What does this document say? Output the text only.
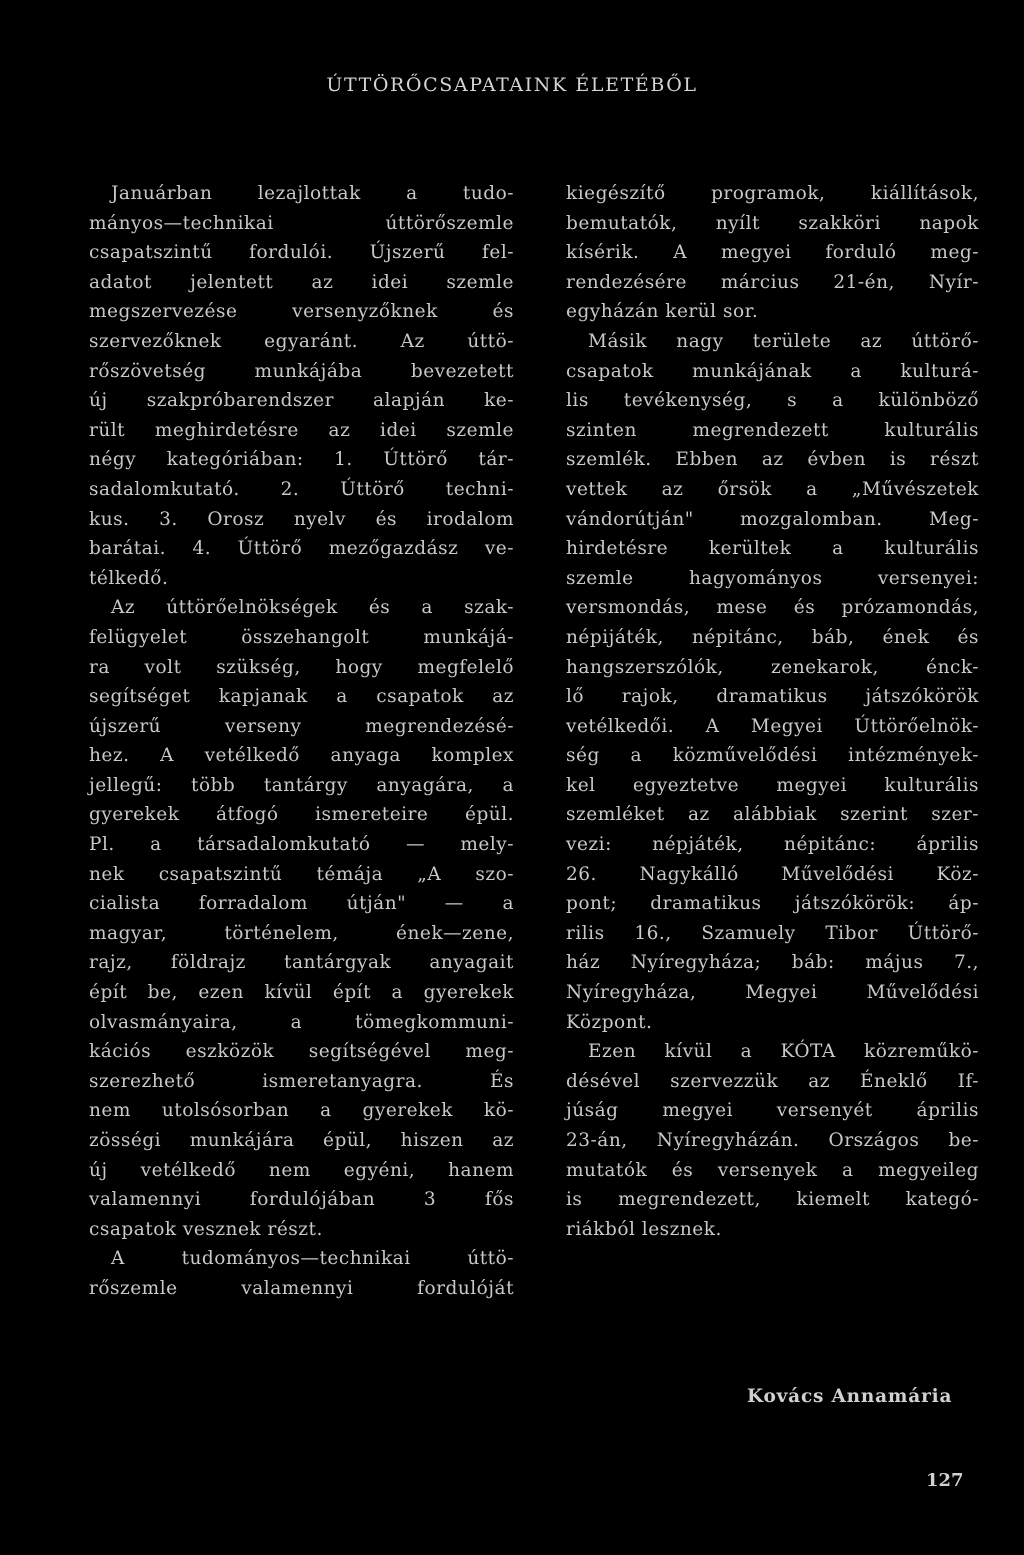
ÚTTÖRŐCSAPATAINK ÉLETÉBŐL
Januárban lezajlottak a tudo-
mányos—technikai úttörőszemle
csapatszintű fordulói. Újszerű fel-
adatot jelentett az idei szemle
megszervezése versenyzőknek és
szervezőknek egyaránt. Az úttö-
rőszövetség munkájába bevezetett
új szakpróbarendszer alapján ke-
rült meghirdetésre az idei szemle
négy kategóriában: 1. Úttörő tár-
sadalomkutató. 2. Úttörő techni-
kus. 3. Orosz nyelv és irodalom
barátai. 4. Úttörő mezőgazdász ve-
télkedő.
Az úttörőelnökségek és a szak-
felügyelet összehangolt munkájá-
ra volt szükség, hogy megfelelő
segítséget kapjanak a csapatok az
újszerű verseny megrendezésé-
hez. A vetélkedő anyaga komplex
jellegű: több tantárgy anyagára, a
gyerekek átfogó ismereteire épül.
Pl. a társadalomkutató — mely-
nek csapatszintű témája „A szo-
cialista forradalom útján" — a
magyar, történelem, ének—zene,
rajz, földrajz tantárgyak anyagait
épít be, ezen kívül épít a gyerekek
olvasmányaira, a tömegkommuni-
kációs eszközök segítségével meg-
szerezhető ismeretanyagra. És
nem utolsósorban a gyerekek kö-
zösségi munkájára épül, hiszen az
új vetélkedő nem egyéni, hanem
valamennyi fordulójában 3 fős
csapatok vesznek részt.
A tudományos—technikai úttö-
rőszemle valamennyi fordulóját
kiegészítő programok, kiállítások,
bemutatók, nyílt szakköri napok
kísérik. A megyei forduló meg-
rendezésére március 21-én, Nyír-
egyházán kerül sor.
Másik nagy területe az úttörő-
csapatok munkájának a kulturá-
lis tevékenység, s a különböző
szinten megrendezett kulturális
szemlék. Ebben az évben is részt
vettek az őrsök a „Művészetek
vándorútján" mozgalomban. Meg-
hirdetésre kerültek a kulturális
szemle hagyományos versenyei:
versmondás, mese és prózamondás,
népijáték, népitánc, báb, ének és
hangszerszólók, zenekarok, énck-
lő rajok, dramatikus játszókörök
vetélkedői. A Megyei Úttörőelnök-
ség a közművelődési intézmények-
kel egyeztetve megyei kulturális
szemléket az alábbiak szerint szer-
vezi: népjáték, népitánc: április
26. Nagykálló Művelődési Köz-
pont; dramatikus játszókörök: áp-
rilis 16., Szamuely Tibor Úttörő-
ház Nyíregyháza; báb: május 7.,
Nyíregyháza, Megyei Művelődési
Központ.
Ezen kívül a KÓTA közreműkö-
désével szervezzük az Éneklő If-
júság megyei versenyét április
23-án, Nyíregyházán. Országos be-
mutatók és versenyek a megyeileg
is megrendezett, kiemelt kategó-
riákból lesznek.
Kovács Annamária
127
